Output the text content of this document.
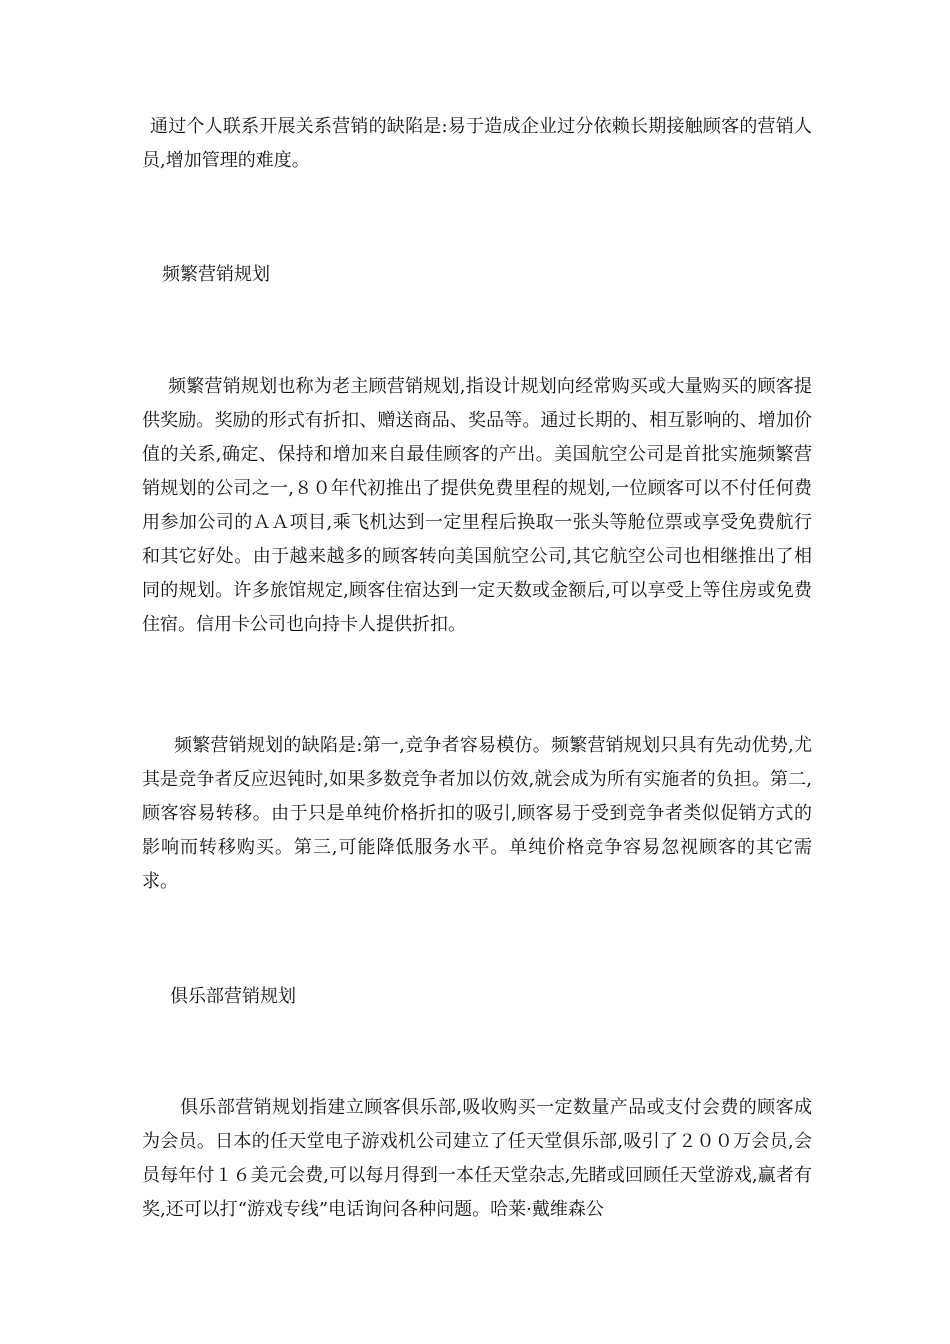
通过个人联系开展关系营销的缺陷是:易于造成企业过分依赖长期接触顾客的营销人员,增加管理的难度。

频繁营销规划

频繁营销规划也称为老主顾营销规划,指设计规划向经常购买或大量购买的顾客提供奖励。奖励的形式有折扣、赠送商品、奖品等。通过长期的、相互影响的、增加价值的关系,确定、保持和增加来自最佳顾客的产出。美国航空公司是首批实施频繁营销规划的公司之一,８０年代初推出了提供免费里程的规划,一位顾客可以不付任何费用参加公司的ＡＡ项目,乘飞机达到一定里程后换取一张头等舱位票或享受免费航行和其它好处。由于越来越多的顾客转向美国航空公司,其它航空公司也相继推出了相同的规划。许多旅馆规定,顾客住宿达到一定天数或金额后,可以享受上等住房或免费住宿。信用卡公司也向持卡人提供折扣。

频繁营销规划的缺陷是:第一,竞争者容易模仿。频繁营销规划只具有先动优势,尤其是竞争者反应迟钝时,如果多数竞争者加以仿效,就会成为所有实施者的负担。第二,顾客容易转移。由于只是单纯价格折扣的吸引,顾客易于受到竞争者类似促销方式的影响而转移购买。第三,可能降低服务水平。单纯价格竞争容易忽视顾客的其它需求。

俱乐部营销规划

俱乐部营销规划指建立顾客俱乐部,吸收购买一定数量产品或支付会费的顾客成为会员。日本的任天堂电子游戏机公司建立了任天堂俱乐部,吸引了２００万会员,会员每年付１６美元会费,可以每月得到一本任天堂杂志,先睹或回顾任天堂游戏,赢者有奖,还可以打“游戏专线”电话询问各种问题。哈莱·戴维森公
